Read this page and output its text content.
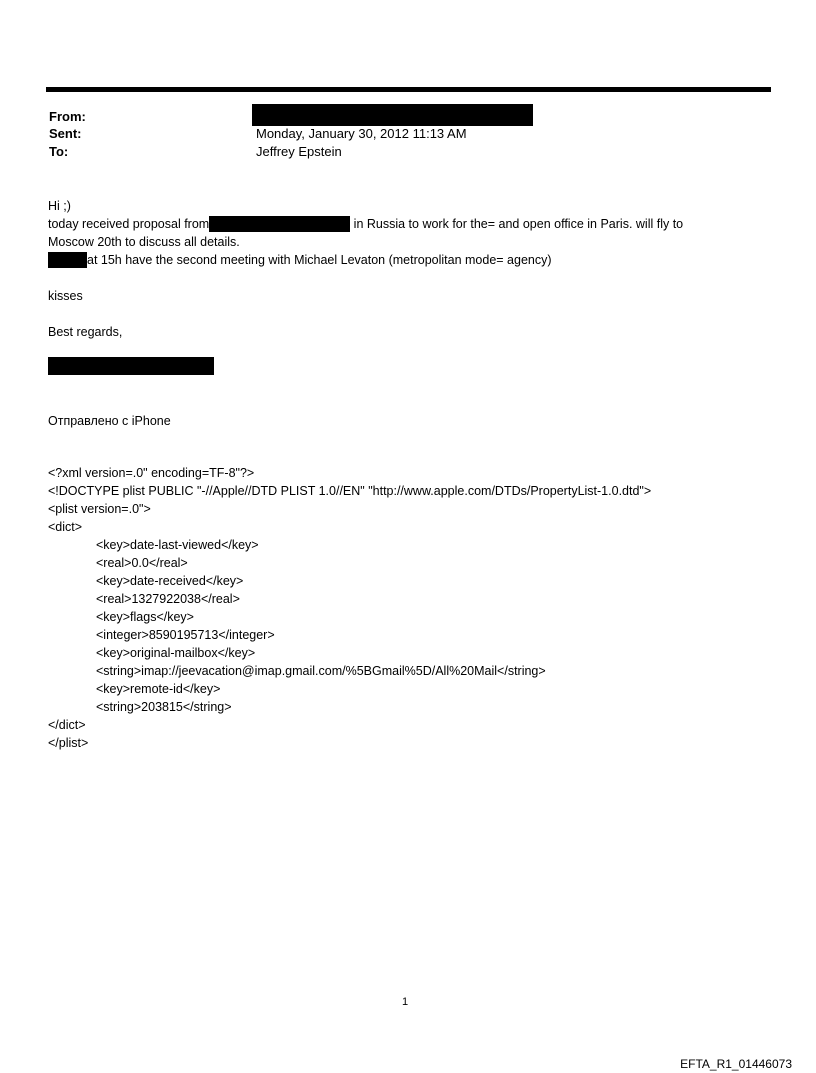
From:
Sent:	Monday, January 30, 2012 11:13 AM
To:	Jeffrey Epstein
Hi ;)
today received proposal from	in Russia to work for the= and open office in Paris. will fly to
Moscow 20th to discuss all details.
at 15h have the second meeting with Michael Levaton (metropolitan mode= agency)
kisses
Best regards,
Отправлено с iPhone
<?xml version=.0" encoding=TF-8"?>
<!DOCTYPE plist PUBLIC "-//Apple//DTD PLIST 1.0//EN" "http://www.apple.com/DTDs/PropertyList-1.0.dtd">
<plist version=.0">
<dict>
<key>date-last-viewed</key>
<real>0.0</real>
<key>date-received</key>
<real>1327922038</real>
<key>flags</key>
<integer>8590195713</integer>
<key>original-mailbox</key>
<string>imap://jeevacation@imap.gmail.com/%5BGmail%5D/All%20Mail</string>
<key>remote-id</key>
<string>203815</string>
</dict>
</plist>
1
EFTA_R1_01446073
